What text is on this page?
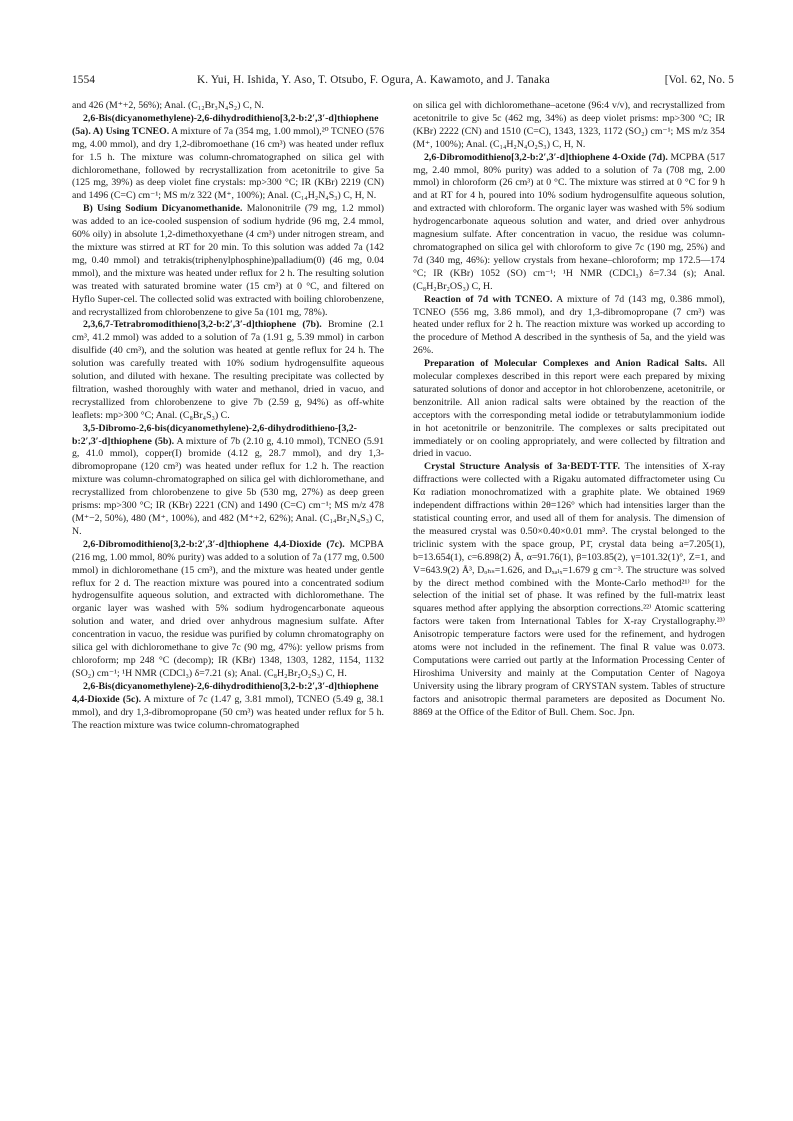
1554	K. Yui, H. Ishida, Y. Aso, T. Otsubo, F. Ogura, A. Kawamoto, and J. Tanaka	[Vol. 62, No. 5

and 426 (M⁺+2, 56%); Anal. (C₁₂Br₃N₄S₂) C, N.

2,6-Bis(dicyanomethylene)-2,6-dihydrodithieno[3,2-b:2′,3′-d]thiophene (5a). A) Using TCNEO. A mixture of 7a (354 mg, 1.00 mmol),²⁰ TCNEO (576 mg, 4.00 mmol), and dry 1,2-dibromoethane (16 cm³) was heated under reflux for 1.5 h. The mixture was column-chromatographed on silica gel with dichloromethane, followed by recrystallization from acetonitrile to give 5a (125 mg, 39%) as deep violet fine crystals: mp>300 °C; IR (KBr) 2219 (CN) and 1496 (C=C) cm⁻¹; MS m/z 322 (M⁺, 100%); Anal. (C₁₄H₂N₄S₃) C, H, N.

B) Using Sodium Dicyanomethanide. Malononitrile (79 mg, 1.2 mmol) was added to an ice-cooled suspension of sodium hydride (96 mg, 2.4 mmol, 60% oily) in absolute 1,2-dimethoxyethane (4 cm³) under nitrogen stream, and the mixture was stirred at RT for 20 min. To this solution was added 7a (142 mg, 0.40 mmol) and tetrakis(triphenylphosphine)palladium(0) (46 mg, 0.04 mmol), and the mixture was heated under reflux for 2 h. The resulting solution was treated with saturated bromine water (15 cm³) at 0 °C, and filtered on Hyflo Super-cel. The collected solid was extracted with boiling chlorobenzene, and recrystallized from chlorobenzene to give 5a (101 mg, 78%).

2,3,6,7-Tetrabromodithieno[3,2-b:2′,3′-d]thiophene (7b). Bromine (2.1 cm³, 41.2 mmol) was added to a solution of 7a (1.91 g, 5.39 mmol) in carbon disulfide (40 cm³), and the solution was heated at gentle reflux for 24 h. The solution was carefully treated with 10% sodium hydrogensulfite aqueous solution, and diluted with hexane. The resulting precipitate was collected by filtration, washed thoroughly with water and methanol, dried in vacuo, and recrystallized from chlorobenzene to give 7b (2.59 g, 94%) as off-white leaflets: mp>300 °C; Anal. (C₈Br₄S₃) C.

3,5-Dibromo-2,6-bis(dicyanomethylene)-2,6-dihydrodithieno-[3,2-b:2′,3′-d]thiophene (5b). A mixture of 7b (2.10 g, 4.10 mmol), TCNEO (5.91 g, 41.0 mmol), copper(I) bromide (4.12 g, 28.7 mmol), and dry 1,3-dibromopropane (120 cm³) was heated under reflux for 1.2 h. The reaction mixture was column-chromatographed on silica gel with dichloromethane, and recrystallized from chlorobenzene to give 5b (530 mg, 27%) as deep green prisms: mp>300 °C; IR (KBr) 2221 (CN) and 1490 (C=C) cm⁻¹; MS m/z 478 (M⁺−2, 50%), 480 (M⁺, 100%), and 482 (M⁺+2, 62%); Anal. (C₁₄Br₂N₄S₃) C, N.

2,6-Dibromodithieno[3,2-b:2′,3′-d]thiophene 4,4-Dioxide (7c). MCPBA (216 mg, 1.00 mmol, 80% purity) was added to a solution of 7a (177 mg, 0.500 mmol) in dichloromethane (15 cm³), and the mixture was heated under gentle reflux for 2 d. The reaction mixture was poured into a concentrated sodium hydrogensulfite aqueous solution, and extracted with dichloromethane. The organic layer was washed with 5% sodium hydrogencarbonate aqueous solution and water, and dried over anhydrous magnesium sulfate. After concentration in vacuo, the residue was purified by column chromatography on silica gel with dichloromethane to give 7c (90 mg, 47%): yellow prisms from chloroform; mp 248 °C (decomp); IR (KBr) 1348, 1303, 1282, 1154, 1132 (SO₂) cm⁻¹; ¹H NMR (CDCl₃) δ=7.21 (s); Anal. (C₈H₂Br₂O₂S₃) C, H.

2,6-Bis(dicyanomethylene)-2,6-dihydrodithieno[3,2-b:2′,3′-d]thiophene 4,4-Dioxide (5c). A mixture of 7c (1.47 g, 3.81 mmol), TCNEO (5.49 g, 38.1 mmol), and dry 1,3-dibromopropane (50 cm³) was heated under reflux for 5 h. The reaction mixture was twice column-chromatographed

on silica gel with dichloromethane–acetone (96:4 v/v), and recrystallized from acetonitrile to give 5c (462 mg, 34%) as deep violet prisms: mp>300 °C; IR (KBr) 2222 (CN) and 1510 (C=C), 1343, 1323, 1172 (SO₂) cm⁻¹; MS m/z 354 (M⁺, 100%); Anal. (C₁₄H₂N₄O₂S₃) C, H, N.

2,6-Dibromodithieno[3,2-b:2′,3′-d]thiophene 4-Oxide (7d). MCPBA (517 mg, 2.40 mmol, 80% purity) was added to a solution of 7a (708 mg, 2.00 mmol) in chloroform (26 cm³) at 0 °C. The mixture was stirred at 0 °C for 9 h and at RT for 4 h, poured into 10% sodium hydrogensulfite aqueous solution, and extracted with chloroform. The organic layer was washed with 5% sodium hydrogencarbonate aqueous solution and water, and dried over anhydrous magnesium sulfate. After concentration in vacuo, the residue was column-chromatographed on silica gel with chloroform to give 7c (190 mg, 25%) and 7d (340 mg, 46%): yellow crystals from hexane–chloroform; mp 172.5—174 °C; IR (KBr) 1052 (SO) cm⁻¹; ¹H NMR (CDCl₃) δ=7.34 (s); Anal. (C₈H₂Br₂OS₃) C, H.

Reaction of 7d with TCNEO. A mixture of 7d (143 mg, 0.386 mmol), TCNEO (556 mg, 3.86 mmol), and dry 1,3-dibromopropane (7 cm³) was heated under reflux for 2 h. The reaction mixture was worked up according to the procedure of Method A described in the synthesis of 5a, and the yield was 26%.

Preparation of Molecular Complexes and Anion Radical Salts. All molecular complexes described in this report were each prepared by mixing saturated solutions of donor and acceptor in hot chlorobenzene, acetonitrile, or benzonitrile. All anion radical salts were obtained by the reaction of the acceptors with the corresponding metal iodide or tetrabutylammonium iodide in hot acetonitrile or benzonitrile. The complexes or salts precipitated out immediately or on cooling appropriately, and were collected by filtration and dried in vacuo.

Crystal Structure Analysis of 3a·BEDT-TTF. The intensities of X-ray diffractions were collected with a Rigaku automated diffractometer using Cu Kα radiation monochromatized with a graphite plate. We obtained 1969 independent diffractions within 2θ=126° which had intensities larger than the statistical counting error, and used all of them for analysis. The dimension of the measured crystal was 0.50×0.40×0.01 mm³. The crystal belonged to the triclinic system with the space group, P1̄, crystal data being a=7.205(1), b=13.654(1), c=6.898(2) Å, α=91.76(1), β=103.85(2), γ=101.32(1)°, Z=1, and V=643.9(2) Å³, Dₒₕₛ=1.626, and Dₓₐₗₓ=1.679 g cm⁻³. The structure was solved by the direct method combined with the Monte-Carlo method²¹⁾ for the selection of the initial set of phase. It was refined by the full-matrix least squares method after applying the absorption corrections.²²⁾ Atomic scattering factors were taken from International Tables for X-ray Crystallography.²³⁾ Anisotropic temperature factors were used for the refinement, and hydrogen atoms were not included in the refinement. The final R value was 0.073. Computations were carried out partly at the Information Processing Center of Hiroshima University and mainly at the Computation Center of Nagoya University using the library program of CRYSTAN system. Tables of structure factors and anisotropic thermal parameters are deposited as Document No. 8869 at the Office of the Editor of Bull. Chem. Soc. Jpn.
